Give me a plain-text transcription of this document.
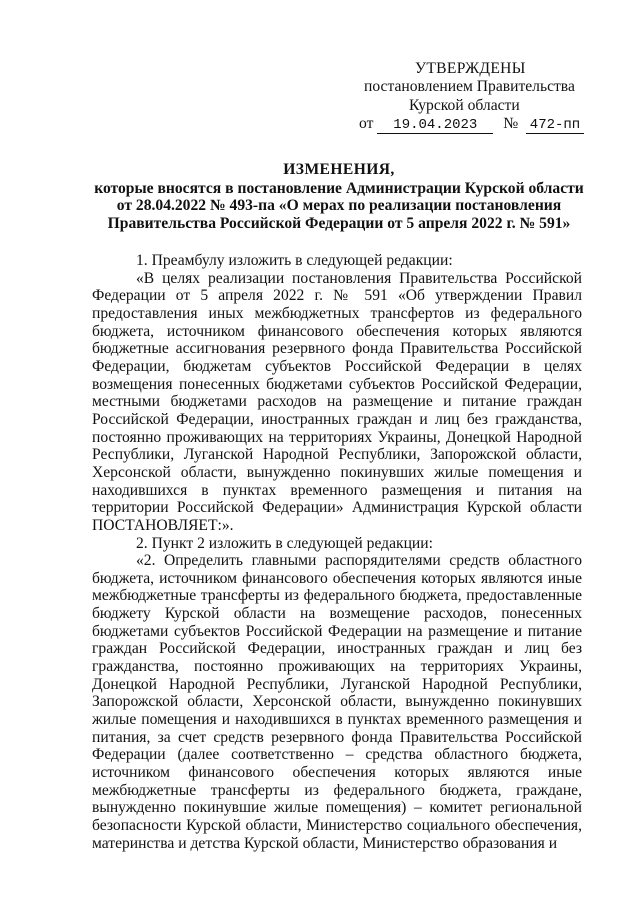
УТВЕРЖДЕНЫ
постановлением Правительства
Курской области
от 19.04.2023 № 472-пп
ИЗМЕНЕНИЯ,
которые вносятся в постановление Администрации Курской области
от 28.04.2022 № 493-па «О мерах по реализации постановления
Правительства Российской Федерации от 5 апреля 2022 г. № 591»

1. Преамбулу изложить в следующей редакции:

«В целях реализации постановления Правительства Российской Федерации от 5 апреля 2022 г. № 591 «Об утверждении Правил предоставления иных межбюджетных трансфертов из федерального бюджета, источником финансового обеспечения которых являются бюджетные ассигнования резервного фонда Правительства Российской Федерации, бюджетам субъектов Российской Федерации в целях возмещения понесенных бюджетами субъектов Российской Федерации, местными бюджетами расходов на размещение и питание граждан Российской Федерации, иностранных граждан и лиц без гражданства, постоянно проживающих на территориях Украины, Донецкой Народной Республики, Луганской Народной Республики, Запорожской области, Херсонской области, вынужденно покинувших жилые помещения и находившихся в пунктах временного размещения и питания на территории Российской Федерации» Администрация Курской области ПОСТАНОВЛЯЕТ:».

2. Пункт 2 изложить в следующей редакции:

«2. Определить главными распорядителями средств областного бюджета, источником финансового обеспечения которых являются иные межбюджетные трансферты из федерального бюджета, предоставленные бюджету Курской области на возмещение расходов, понесенных бюджетами субъектов Российской Федерации на размещение и питание граждан Российской Федерации, иностранных граждан и лиц без гражданства, постоянно проживающих на территориях Украины, Донецкой Народной Республики, Луганской Народной Республики, Запорожской области, Херсонской области, вынужденно покинувших жилые помещения и находившихся в пунктах временного размещения и питания, за счет средств резервного фонда Правительства Российской Федерации (далее соответственно – средства областного бюджета, источником финансового обеспечения которых являются иные межбюджетные трансферты из федерального бюджета, граждане, вынужденно покинувшие жилые помещения) – комитет региональной безопасности Курской области, Министерство социального обеспечения, материнства и детства Курской области, Министерство образования и
